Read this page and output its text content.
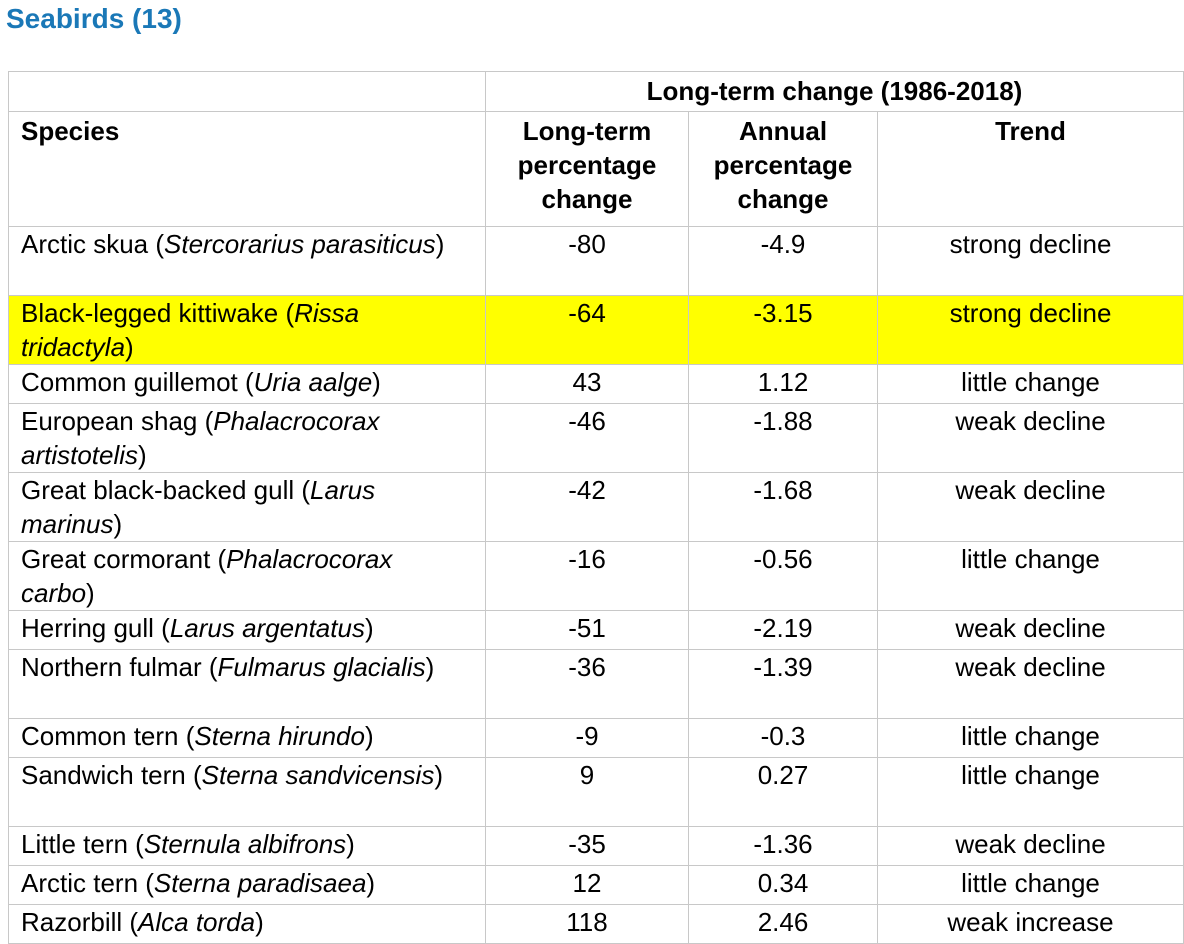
Seabirds (13)
	Long-term change (1986-2018)		
Species	Long-term percentage change	Annual percentage change	Trend
Arctic skua (Stercorarius parasiticus)	-80	-4.9	strong decline
Black-legged kittiwake (Rissa tridactyla)	-64	-3.15	strong decline
Common guillemot (Uria aalge)	43	1.12	little change
European shag (Phalacrocorax artistotelis)	-46	-1.88	weak decline
Great black-backed gull (Larus marinus)	-42	-1.68	weak decline
Great cormorant (Phalacrocorax carbo)	-16	-0.56	little change
Herring gull (Larus argentatus)	-51	-2.19	weak decline
Northern fulmar (Fulmarus glacialis)	-36	-1.39	weak decline
Common tern (Sterna hirundo)	-9	-0.3	little change
Sandwich tern (Sterna sandvicensis)	9	0.27	little change
Little tern (Sternula albifrons)	-35	-1.36	weak decline
Arctic tern (Sterna paradisaea)	12	0.34	little change
Razorbill (Alca torda)	118	2.46	weak increase
